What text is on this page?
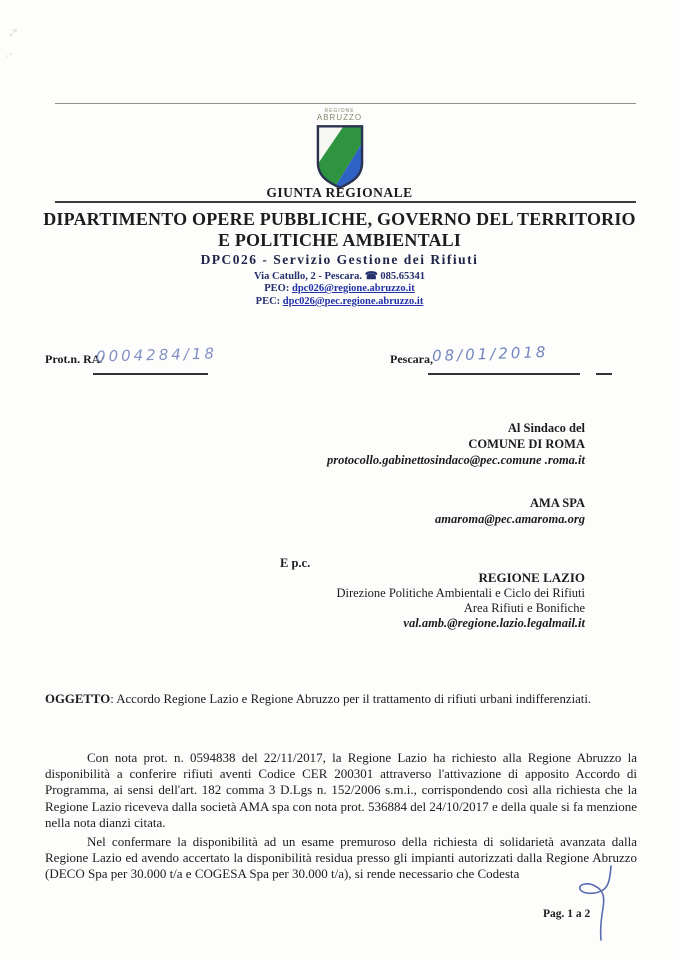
„»
·‚
REGIONE
ABRUZZO
GIUNTA REGIONALE
DIPARTIMENTO OPERE PUBBLICHE, GOVERNO DEL TERRITORIO
E POLITICHE AMBIENTALI
DPC026 - Servizio Gestione dei Rifiuti
Via Catullo, 2 - Pescara. ☎ 085.65341
PEO: dpc026@regione.abruzzo.it
PEC: dpc026@pec.regione.abruzzo.it
Prot.n. RA/
0004284/18	Pescara,
08/01/2018
Al Sindaco del
COMUNE DI ROMA
protocollo.gabinettosindaco@pec.comune .roma.it
AMA SPA
amaroma@pec.amaroma.org
E p.c.
REGIONE LAZIO
Direzione Politiche Ambientali e Ciclo dei Rifiuti
Area Rifiuti e Bonifiche
val.amb.@regione.lazio.legalmail.it
OGGETTO: Accordo Regione Lazio e Regione Abruzzo per il trattamento di rifiuti urbani indifferenziati.

Con nota prot. n. 0594838 del 22/11/2017, la Regione Lazio ha richiesto alla Regione Abruzzo la disponibilità a conferire rifiuti aventi Codice CER 200301 attraverso l'attivazione di apposito Accordo di Programma, ai sensi dell'art. 182 comma 3 D.Lgs n. 152/2006 s.m.i., corrispondendo così alla richiesta che la Regione Lazio riceveva dalla società AMA spa con nota prot. 536884 del 24/10/2017 e della quale si fa menzione nella nota dianzi citata.

Nel confermare la disponibilità ad un esame premuroso della richiesta di solidarietà avanzata dalla Regione Lazio ed avendo accertato la disponibilità residua presso gli impianti autorizzati dalla Regione Abruzzo (DECO Spa per 30.000 t/a e COGESA Spa per 30.000 t/a), si rende necessario che Codesta

Pag. 1 a 2
